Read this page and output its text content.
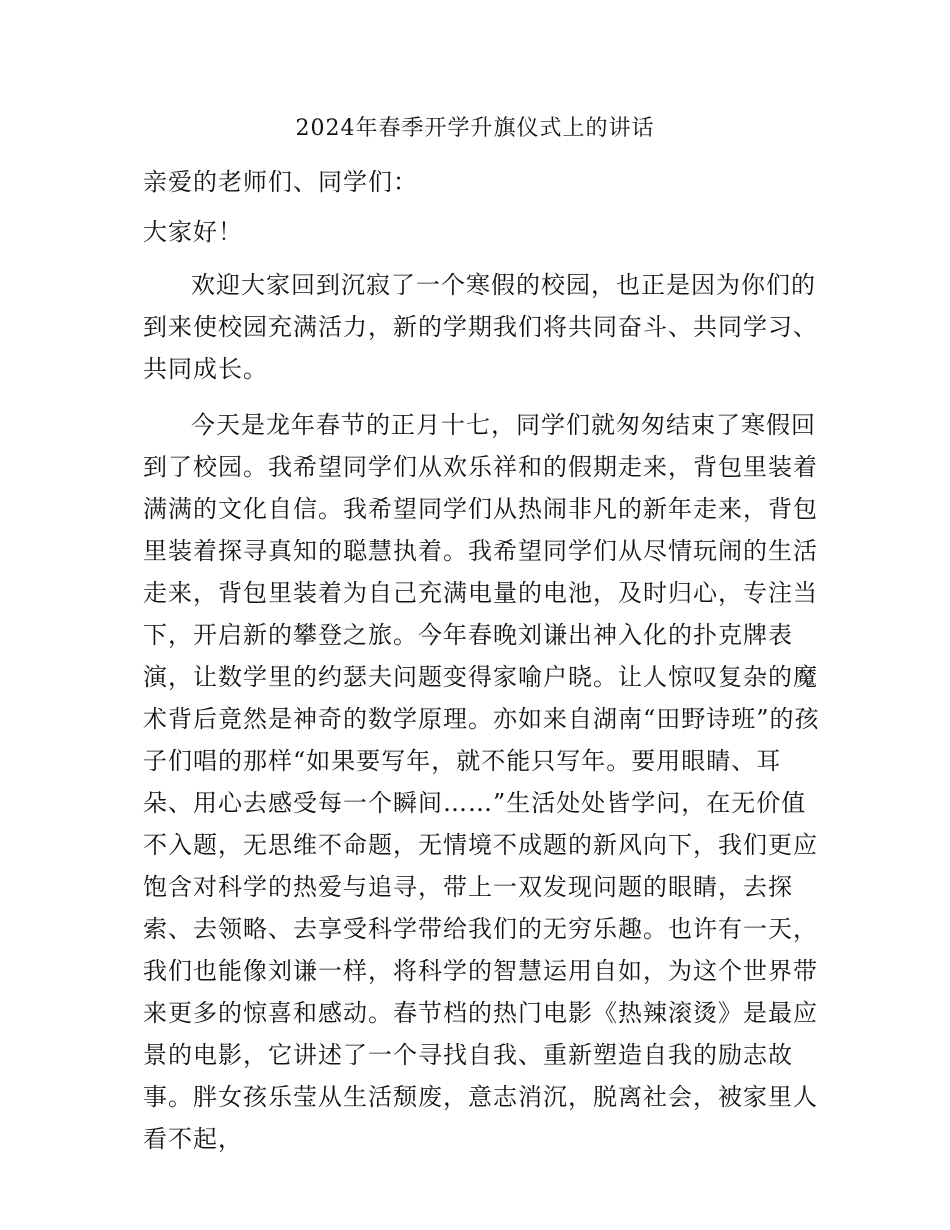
2024年春季开学升旗仪式上的讲话
亲爱的老师们、同学们：
大家好！

欢迎大家回到沉寂了一个寒假的校园，也正是因为你们的到来使校园充满活力，新的学期我们将共同奋斗、共同学习、共同成长。

今天是龙年春节的正月十七，同学们就匆匆结束了寒假回到了校园。我希望同学们从欢乐祥和的假期走来，背包里装着满满的文化自信。我希望同学们从热闹非凡的新年走来，背包里装着探寻真知的聪慧执着。我希望同学们从尽情玩闹的生活走来，背包里装着为自己充满电量的电池，及时归心，专注当下，开启新的攀登之旅。今年春晚刘谦出神入化的扑克牌表演，让数学里的约瑟夫问题变得家喻户晓。让人惊叹复杂的魔术背后竟然是神奇的数学原理。亦如来自湖南“田野诗班”的孩子们唱的那样“如果要写年，就不能只写年。要用眼睛、耳朵、用心去感受每一个瞬间……”生活处处皆学问，在无价值不入题，无思维不命题，无情境不成题的新风向下，我们更应饱含对科学的热爱与追寻，带上一双发现问题的眼睛，去探索、去领略、去享受科学带给我们的无穷乐趣。也许有一天，我们也能像刘谦一样，将科学的智慧运用自如，为这个世界带来更多的惊喜和感动。春节档的热门电影《热辣滚烫》是最应景的电影，它讲述了一个寻找自我、重新塑造自我的励志故事。胖女孩乐莹从生活颓废，意志消沉，脱离社会，被家里人看不起，
